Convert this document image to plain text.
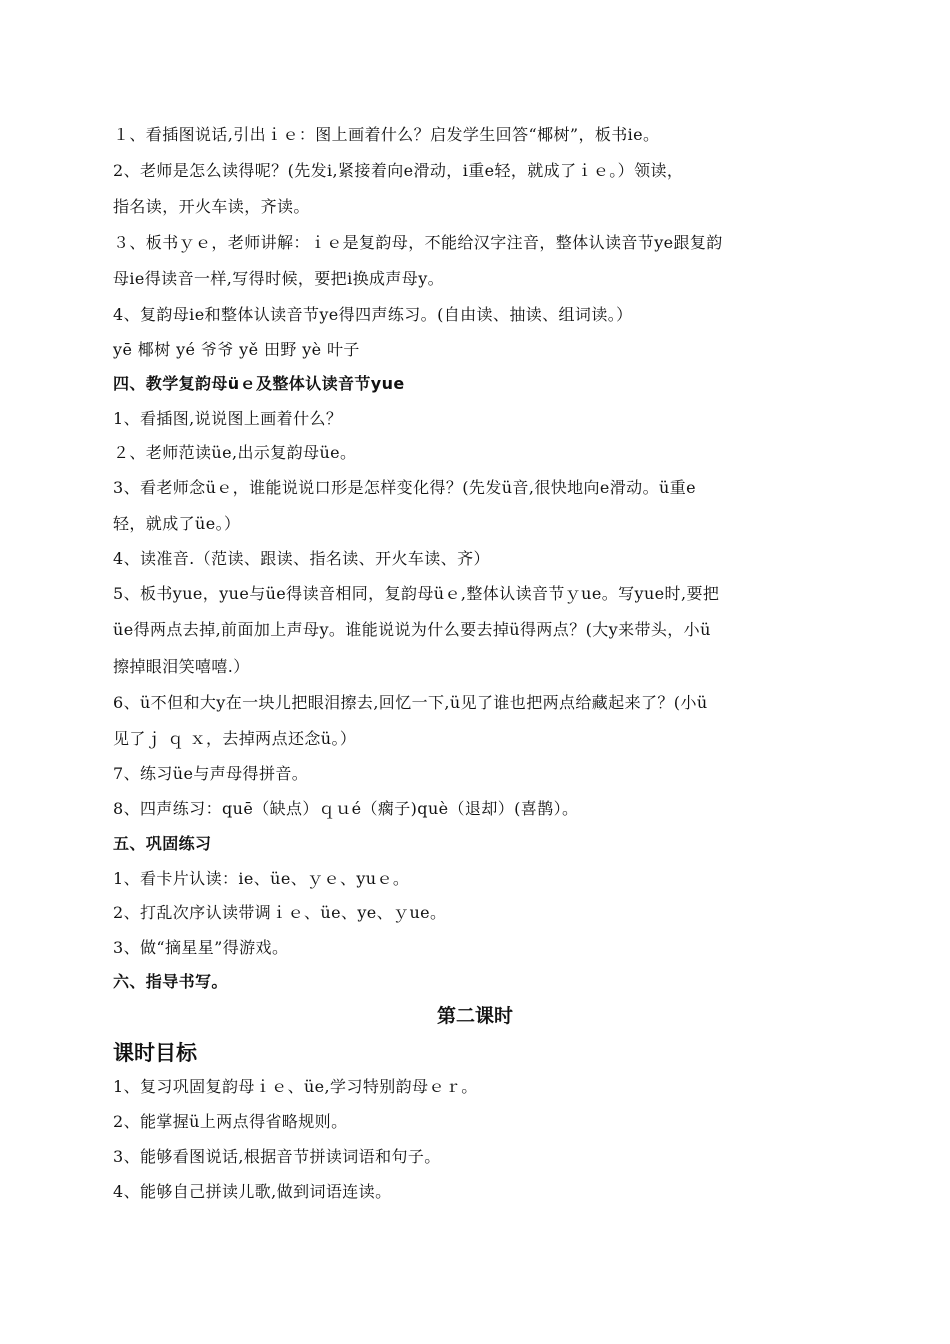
１、看插图说话,引出ｉｅ：图上画着什么？启发学生回答“椰树”，板书ie。
2、老师是怎么读得呢？(先发i,紧接着向e滑动，i重e轻，就成了ｉｅ。）领读，
指名读，开火车读，齐读。
３、板书ｙｅ，老师讲解：ｉｅ是复韵母，不能给汉字注音，整体认读音节ye跟复韵
母ie得读音一样,写得时候，要把i换成声母y。
4、复韵母ie和整体认读音节ye得四声练习。(自由读、抽读、组词读。）
yē 椰树 yé 爷爷 yě 田野 yè 叶子
四、教学复韵母üｅ及整体认读音节yue
1、看插图,说说图上画着什么？
２、老师范读üe,出示复韵母üe。
3、看老师念üｅ，谁能说说口形是怎样变化得？(先发ü音,很快地向e滑动。ü重e
轻，就成了üe。）
4、读准音.（范读、跟读、指名读、开火车读、齐）
5、板书yue，yue与üe得读音相同，复韵母üｅ,整体认读音节ｙue。写yue时,要把
üe得两点去掉,前面加上声母y。谁能说说为什么要去掉ü得两点？(大y来带头，小ü
擦掉眼泪笑嘻嘻.）
6、ü不但和大y在一块儿把眼泪擦去,回忆一下,ü见了谁也把两点给藏起来了？(小ü
见了ｊ ｑ ｘ，去掉两点还念ü。）
7、练习üe与声母得拼音。
8、四声练习：quē（缺点）ｑｕé（瘸子)què（退却）(喜鹊）。
五、巩固练习
1、看卡片认读：ie、üe、ｙｅ、yuｅ。
2、打乱次序认读带调ｉｅ、üe、ye、ｙue。
3、做“摘星星”得游戏。
六、指导书写。
第二课时
课时目标
1、复习巩固复韵母ｉｅ、üe,学习特别韵母ｅｒ。
2、能掌握ü上两点得省略规则。
3、能够看图说话,根据音节拼读词语和句子。
4、能够自己拼读儿歌,做到词语连读。
